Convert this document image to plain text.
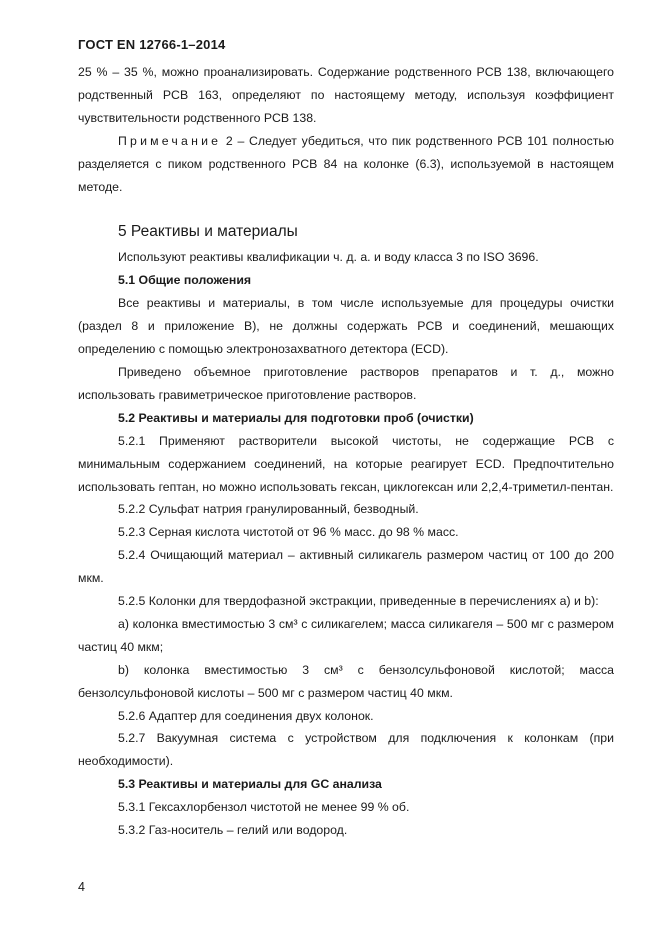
ГОСТ EN 12766-1–2014

25 % – 35 %, можно проанализировать. Содержание родственного PCB 138, включающего родственный PCB 163, определяют по настоящему методу, используя коэффициент чувствительности родственного PCB 138.

Примечание 2 – Следует убедиться, что пик родственного PCB 101 полностью разделяется с пиком родственного PCB 84 на колонке (6.3), используемой в настоящем методе.

5 Реактивы и материалы

Используют реактивы квалификации ч. д. а. и воду класса 3 по ISO 3696.

5.1 Общие положения

Все реактивы и материалы, в том числе используемые для процедуры очистки (раздел 8 и приложение B), не должны содержать PCB и соединений, мешающих определению с помощью электронозахватного детектора (ECD).

Приведено объемное приготовление растворов препаратов и т. д., можно использовать гравиметрическое приготовление растворов.

5.2 Реактивы и материалы для подготовки проб (очистки)

5.2.1 Применяют растворители высокой чистоты, не содержащие PCB с минимальным содержанием соединений, на которые реагирует ECD. Предпочтительно использовать гептан, но можно использовать гексан, циклогексан или 2,2,4-триметил-пентан.

5.2.2 Сульфат натрия гранулированный, безводный.

5.2.3 Серная кислота чистотой от 96 % масс. до 98 % масс.

5.2.4 Очищающий материал – активный силикагель размером частиц от 100 до 200 мкм.

5.2.5 Колонки для твердофазной экстракции, приведенные в перечислениях a) и b):

a) колонка вместимостью 3 см³ с силикагелем; масса силикагеля – 500 мг с размером частиц 40 мкм;

b) колонка вместимостью 3 см³ с бензолсульфоновой кислотой; масса бензолсульфоновой кислоты – 500 мг с размером частиц 40 мкм.

5.2.6 Адаптер для соединения двух колонок.

5.2.7 Вакуумная система с устройством для подключения к колонкам (при необходимости).

5.3 Реактивы и материалы для GC анализа

5.3.1 Гексахлорбензол чистотой не менее 99 % об.

5.3.2 Газ-носитель – гелий или водород.

4
